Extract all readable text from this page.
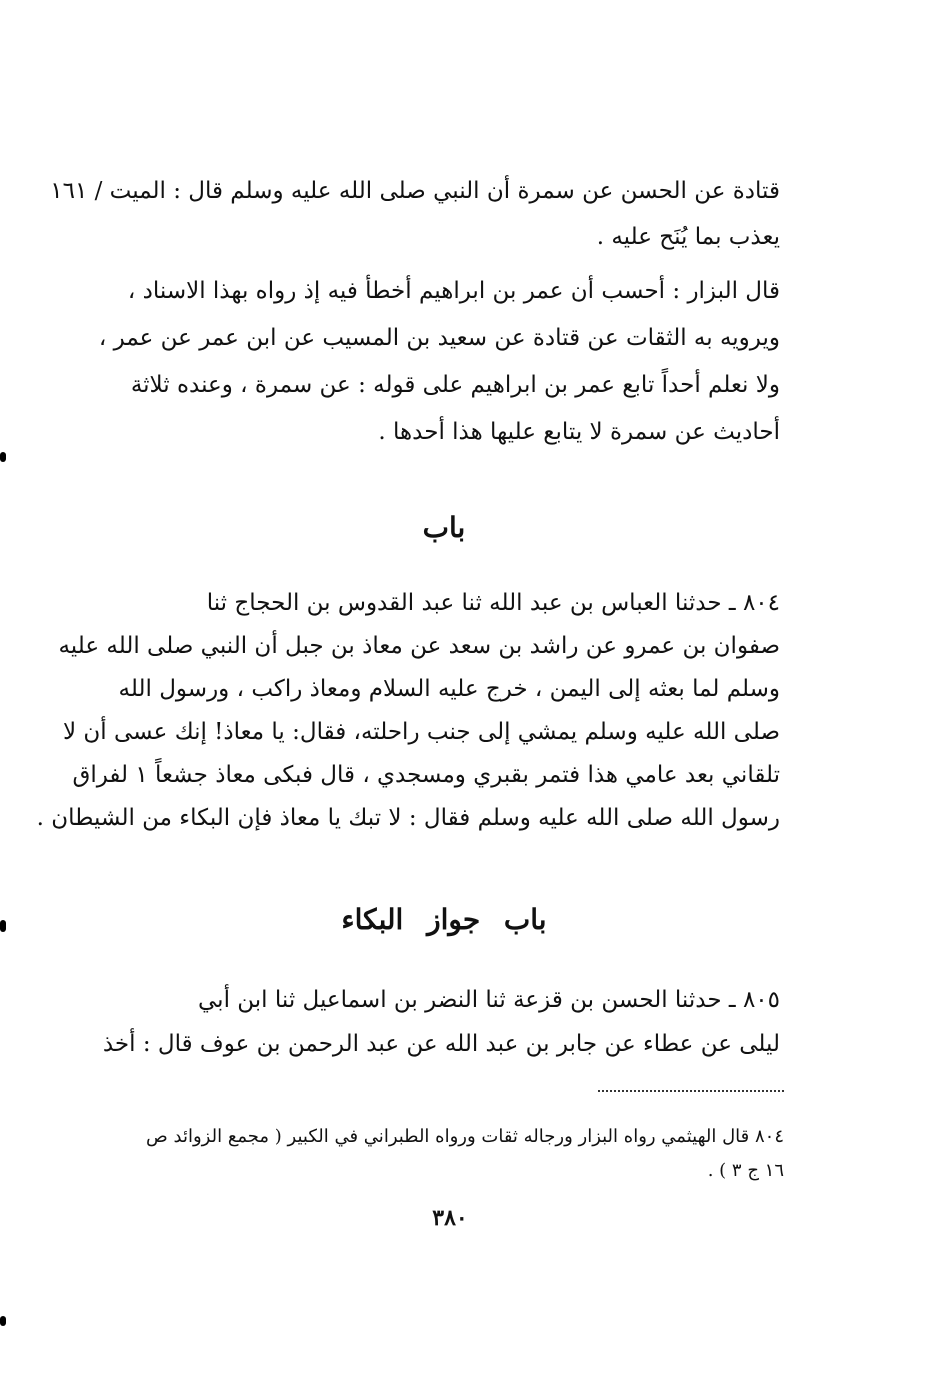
قتادة عن الحسن عن سمرة أن النبي صلى الله عليه وسلم قال : الميت / ١٦١
يعذب بما يُنَح عليه .
قال البزار : أحسب أن عمر بن ابراهيم أخطأ فيه إذ رواه بهذا الاسناد ،
ويرويه به الثقات عن قتادة عن سعيد بن المسيب عن ابن عمر عن عمر ،
ولا نعلم أحداً تابع عمر بن ابراهيم على قوله : عن سمرة ، وعنده ثلاثة
أحاديث عن سمرة لا يتابع عليها هذا أحدها .
باب
٨٠٤ ـ حدثنا العباس بن عبد الله ثنا عبد القدوس بن الحجاج ثنا
صفوان بن عمرو عن راشد بن سعد عن معاذ بن جبل أن النبي صلى الله عليه
وسلم لما بعثه إلى اليمن ، خرج عليه السلام ومعاذ راكب ، ورسول الله
صلى الله عليه وسلم يمشي إلى جنب راحلته، فقال: يا معاذ! إنك عسى أن لا
تلقاني بعد عامي هذا فتمر بقبري ومسجدي ، قال فبكى معاذ جشعاً ١ لفراق
رسول الله صلى الله عليه وسلم فقال : لا تبك يا معاذ فإن البكاء من الشيطان .
باب جواز البكاء
٨٠٥ ـ حدثنا الحسن بن قزعة ثنا النضر بن اسماعيل ثنا ابن أبي
ليلى عن عطاء عن جابر بن عبد الله عن عبد الرحمن بن عوف قال : أخذ
٨٠٤ قال الهيثمي رواه البزار ورجاله ثقات ورواه الطبراني في الكبير ( مجمع الزوائد ص
١٦ ج ٣ ) .
٣٨٠
